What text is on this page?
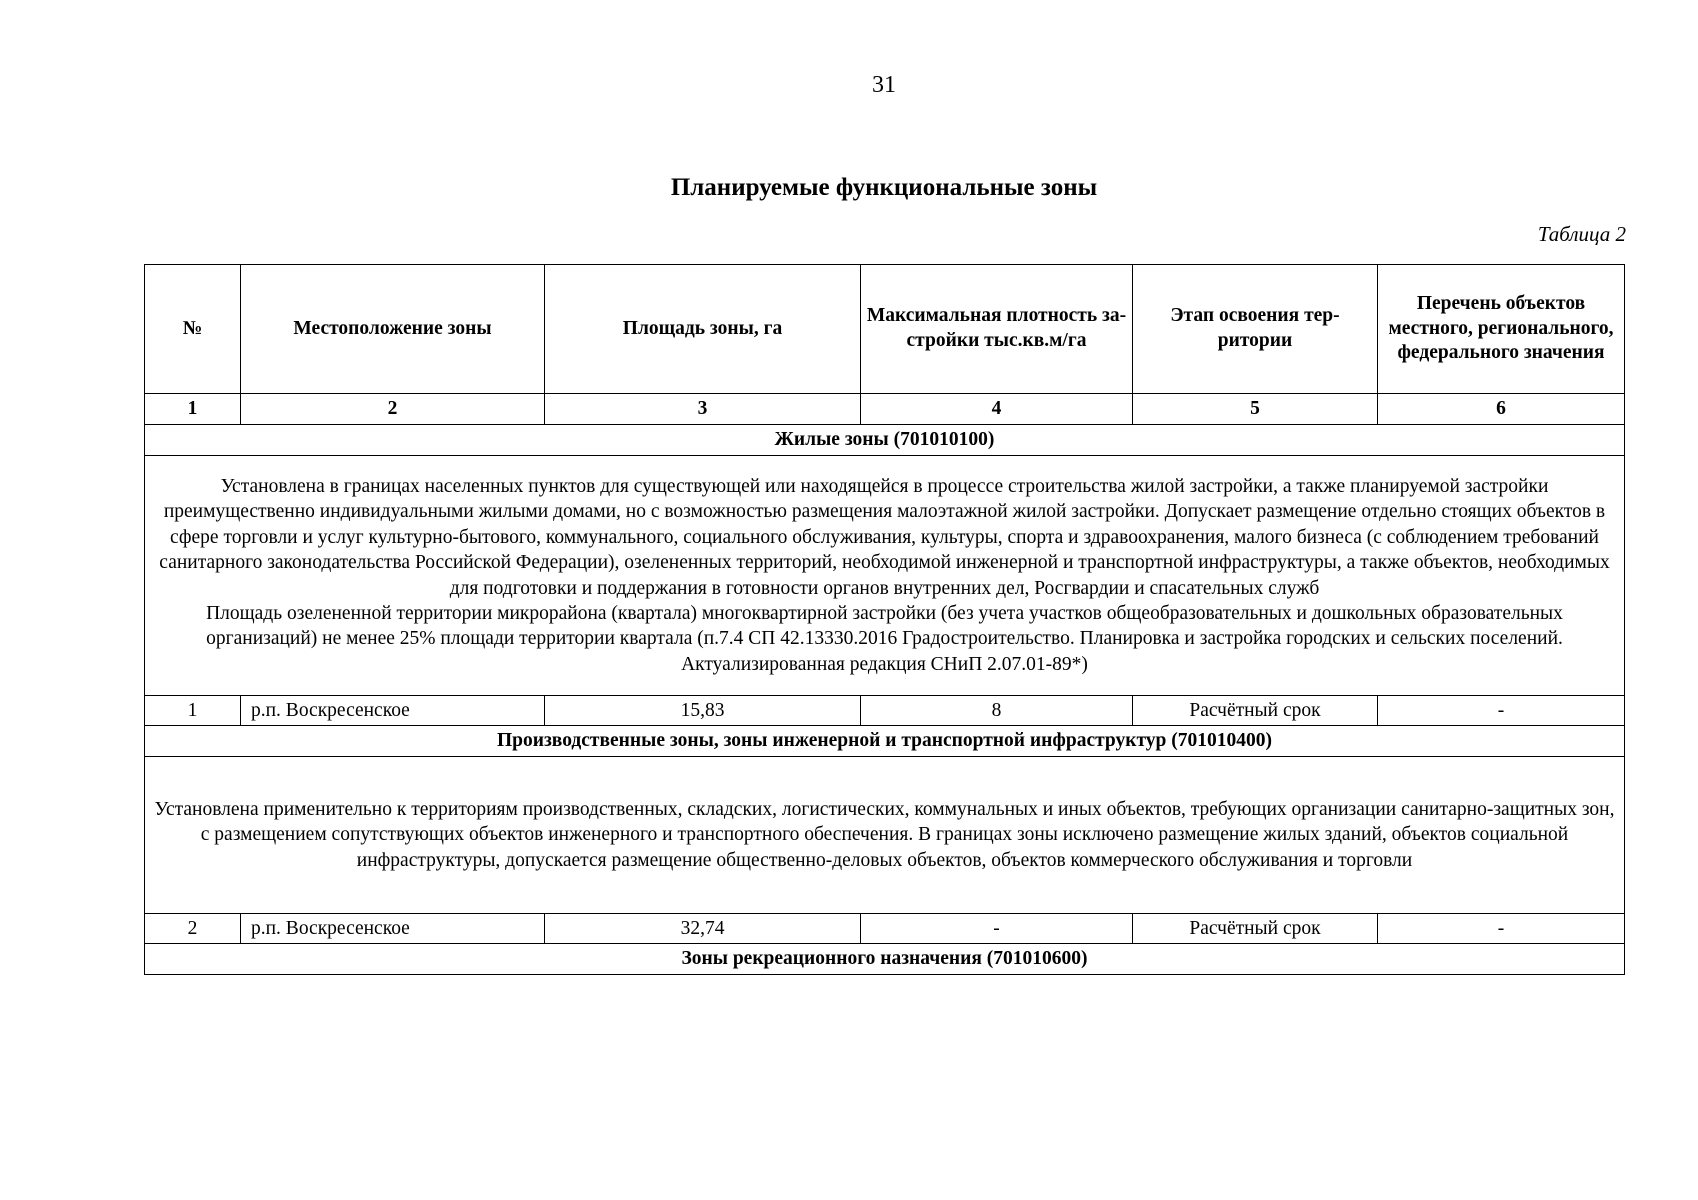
31
Планируемые функциональные зоны
Таблица 2
№	Местоположение зоны	Площадь зоны, га	Максимальная плотность за-стройки тыс.кв.м/га	Этап освоения тер-ритории	Перечень объектов местного, регионального, федерального значения
1	2	3	4	5	6
Жилые зоны (701010100)					

Установлена в границах населенных пунктов для существующей или находящейся в процессе строительства жилой застройки, а также планируемой застройки преимущественно индивидуальными жилыми домами, но с возможностью размещения малоэтажной жилой застройки. Допускает размещение отдельно стоящих объектов в сфере торговли и услуг культурно-бытового, коммунального, социального обслуживания, культуры, спорта и здравоохранения, малого бизнеса (с соблюдением требований санитарного законодательства Российской Федерации), озелененных территорий, необходимой инженерной и транспортной инфраструктуры, а также объектов, необходимых для подготовки и поддержания в готовности органов внутренних дел, Росгвардии и спасательных служб
Площадь озелененной территории микрорайона (квартала) многоквартирной застройки (без учета участков общеобразовательных и дошкольных образовательных организаций) не менее 25% площади территории квартала (п.7.4 СП 42.13330.2016 Градостроительство. Планировка и застройка городских и сельских поселений. Актуализированная редакция СНиП 2.07.01-89*)					

1	р.п. Воскресенское	15,83	8	Расчётный срок	-
Производственные зоны, зоны инженерной и транспортной инфраструктур (701010400)					

Установлена применительно к территориям производственных, складских, логистических, коммунальных и иных объектов, требующих организации санитарно-защитных зон, с размещением сопутствующих объектов инженерного и транспортного обеспечения. В границах зоны исключено размещение жилых зданий, объектов социальной инфраструктуры, допускается размещение общественно-деловых объектов, объектов коммерческого обслуживания и торговли					

2	р.п. Воскресенское	32,74	-	Расчётный срок	-
Зоны рекреационного назначения (701010600)					
